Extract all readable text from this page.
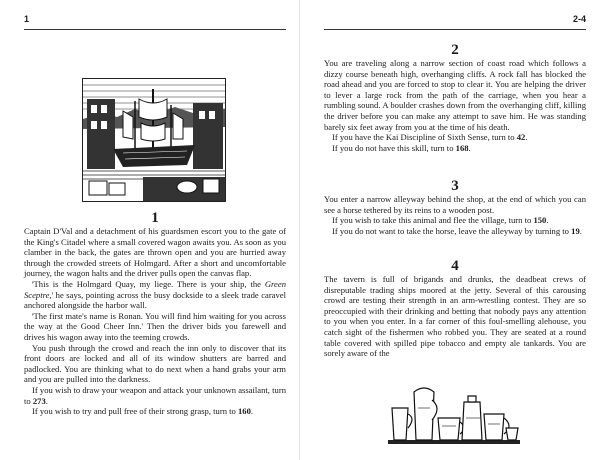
1
1

Captain D'Val and a detachment of his guardsmen escort you to the gate of the King's Citadel where a small covered wagon awaits you. As soon as you clamber in the back, the gates are thrown open and you are hurried away through the crowded streets of Holmgard. After a short and uncomfortable journey, the wagon halts and the driver pulls open the canvas flap.

'This is the Holmgard Quay, my liege. There is your ship, the Green Sceptre,' he says, pointing across the busy dockside to a sleek trade caravel anchored alongside the harbor wall.

'The first mate's name is Ronan. You will find him waiting for you across the way at the Good Cheer Inn.' Then the driver bids you farewell and drives his wagon away into the teeming crowds.

You push through the crowd and reach the inn only to discover that its front doors are locked and all of its window shutters are barred and padlocked. You are thinking what to do next when a hand grabs your arm and you are pulled into the darkness.

If you wish to draw your weapon and attack your unknown assailant, turn to 273.

If you wish to try and pull free of their strong grasp, turn to 160.

2-4
2

You are traveling along a narrow section of coast road which follows a dizzy course beneath high, overhanging cliffs. A rock fall has blocked the road ahead and you are forced to stop to clear it. You are helping the driver to lever a large rock from the path of the carriage, when you hear a rumbling sound. A boulder crashes down from the overhanging cliff, killing the driver before you can make any attempt to save him. He was standing barely six feet away from you at the time of his death.

If you have the Kai Discipline of Sixth Sense, turn to 42.

If you do not have this skill, turn to 168.

3

You enter a narrow alleyway behind the shop, at the end of which you can see a horse tethered by its reins to a wooden post.

If you wish to take this animal and flee the village, turn to 150.

If you do not want to take the horse, leave the alleyway by turning to 19.

4

The tavern is full of brigands and drunks, the deadbeat crews of disreputable trading ships moored at the jetty. Several of this carousing crowd are testing their strength in an arm-wrestling contest. They are so preoccupied with their drinking and betting that nobody pays any attention to you when you enter. In a far corner of this foul-smelling alehouse, you catch sight of the fishermen who robbed you. They are seated at a round table covered with spilled pipe tobacco and empty ale tankards. You are sorely aware of the
